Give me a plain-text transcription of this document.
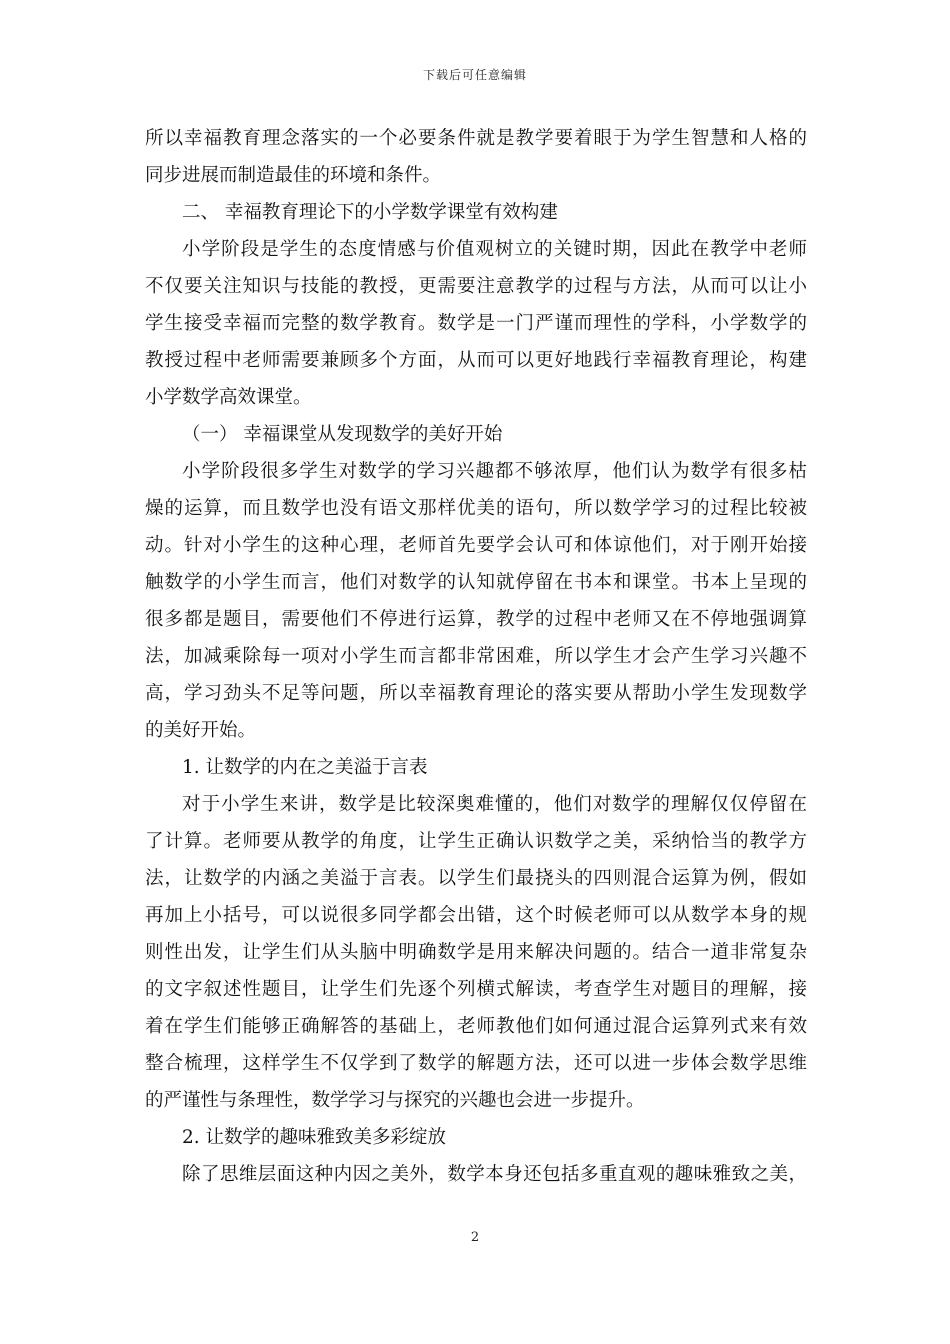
下载后可任意编辑
所以幸福教育理念落实的一个必要条件就是教学要着眼于为学生智慧和人格的
同步进展而制造最佳的环境和条件。
二、 幸福教育理论下的小学数学课堂有效构建
小学阶段是学生的态度情感与价值观树立的关键时期，因此在教学中老师
不仅要关注知识与技能的教授，更需要注意教学的过程与方法，从而可以让小
学生接受幸福而完整的数学教育。数学是一门严谨而理性的学科，小学数学的
教授过程中老师需要兼顾多个方面，从而可以更好地践行幸福教育理论，构建
小学数学高效课堂。
（一） 幸福课堂从发现数学的美好开始
小学阶段很多学生对数学的学习兴趣都不够浓厚，他们认为数学有很多枯
燥的运算，而且数学也没有语文那样优美的语句，所以数学学习的过程比较被
动。针对小学生的这种心理，老师首先要学会认可和体谅他们，对于刚开始接
触数学的小学生而言，他们对数学的认知就停留在书本和课堂。书本上呈现的
很多都是题目，需要他们不停进行运算，教学的过程中老师又在不停地强调算
法，加减乘除每一项对小学生而言都非常困难，所以学生才会产生学习兴趣不
高，学习劲头不足等问题，所以幸福教育理论的落实要从帮助小学生发现数学
的美好开始。
1. 让数学的内在之美溢于言表
对于小学生来讲，数学是比较深奥难懂的，他们对数学的理解仅仅停留在
了计算。老师要从教学的角度，让学生正确认识数学之美，采纳恰当的教学方
法，让数学的内涵之美溢于言表。以学生们最挠头的四则混合运算为例，假如
再加上小括号，可以说很多同学都会出错，这个时候老师可以从数学本身的规
则性出发，让学生们从头脑中明确数学是用来解决问题的。结合一道非常复杂
的文字叙述性题目，让学生们先逐个列横式解读，考查学生对题目的理解，接
着在学生们能够正确解答的基础上，老师教他们如何通过混合运算列式来有效
整合梳理，这样学生不仅学到了数学的解题方法，还可以进一步体会数学思维
的严谨性与条理性，数学学习与探究的兴趣也会进一步提升。
2. 让数学的趣味雅致美多彩绽放
除了思维层面这种内因之美外，数学本身还包括多重直观的趣味雅致之美，
2
